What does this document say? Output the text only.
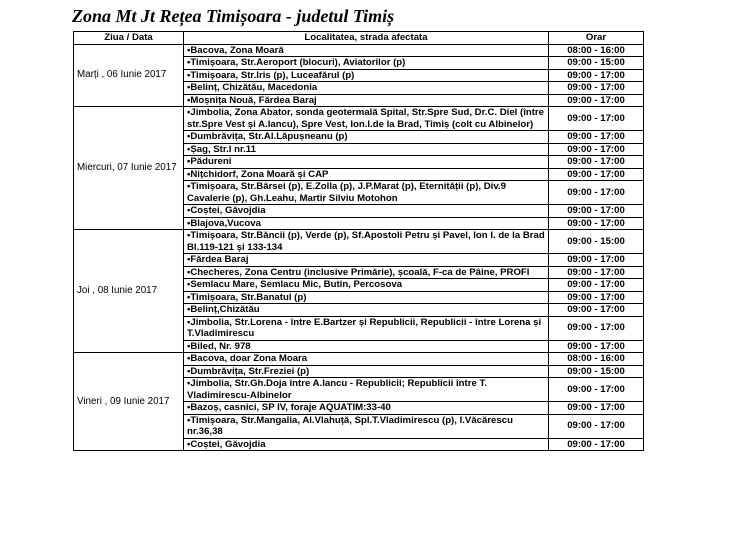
Zona Mt Jt Rețea Timișoara - judetul Timiș
Ziua / Data	Localitatea, strada afectata	Orar
Marți , 06 Iunie 2017	•Bacova, Zona Moară	08:00 - 16:00
	•Timișoara, Str.Aeroport (blocuri), Aviatorilor (p)	09:00 - 15:00
	•Timișoara, Str.Iris (p), Luceafărul (p)	09:00 - 17:00
	•Belinț, Chizătău, Macedonia	09:00 - 17:00
	•Moșnița Nouă, Fărdea Baraj	09:00 - 17:00
Miercuri, 07 Iunie 2017	•Jimbolia, Zona Abator, sonda geotermală Spital, Str.Spre Sud, Dr.C. Diel (între str.Spre Vest și A.Iancu), Spre Vest, Ion.I.de la Brad, Timiș (colt cu Albinelor)	09:00 - 17:00
	•Dumbrăvița, Str.Al.Lăpușneanu (p)	09:00 - 17:00
	•Șag, Str.I nr.11	09:00 - 17:00
	•Pădureni	09:00 - 17:00
	•Nițchidorf, Zona Moară și CAP	09:00 - 17:00
	•Timișoara, Str.Bârsei (p), E.Zolla (p), J.P.Marat (p), Eternității (p), Div.9 Cavalerie (p), Gh.Leahu, Martir Silviu Motohon	09:00 - 17:00
	•Coștei, Găvojdia	09:00 - 17:00
	•Blajova,Vucova	09:00 - 17:00
Joi , 08 Iunie 2017	•Timișoara, Str.Băncii (p), Verde (p), Sf.Apostoli Petru și Pavel, Ion I. de la Brad Bl.119-121 și 133-134	09:00 - 15:00
	•Fărdea Baraj	09:00 - 17:00
	•Checheres, Zona Centru (inclusive Primărie), școală, F-ca de Pâine, PROFI	09:00 - 17:00
	•Semlacu Mare, Semlacu Mic, Butin, Percosova	09:00 - 17:00
	•Timișoara, Str.Banatul (p)	09:00 - 17:00
	•Belinț,Chizătău	09:00 - 17:00
	•Jimbolia, Str.Lorena - între E.Bartzer și Republicii, Republicii - între Lorena și T.Vladimirescu	09:00 - 17:00
	•Biled, Nr. 978	09:00 - 17:00
Vineri , 09 Iunie 2017	•Bacova, doar Zona Moara	08:00 - 16:00
	•Dumbrăvița, Str.Freziei (p)	09:00 - 15:00
	•Jimbolia, Str.Gh.Doja între A.Iancu - Republicii; Republicii între T. Vladimirescu-Albinelor	09:00 - 17:00
	•Bazoș, casnici, SP IV, foraje AQUATIM:33-40	09:00 - 17:00
	•Timișoara, Str.Mangalia, Al.Vlahuță, Spl.T.Vladimirescu (p), I.Văcărescu nr.36,38	09:00 - 17:00
	•Coștei, Găvojdia	09:00 - 17:00
